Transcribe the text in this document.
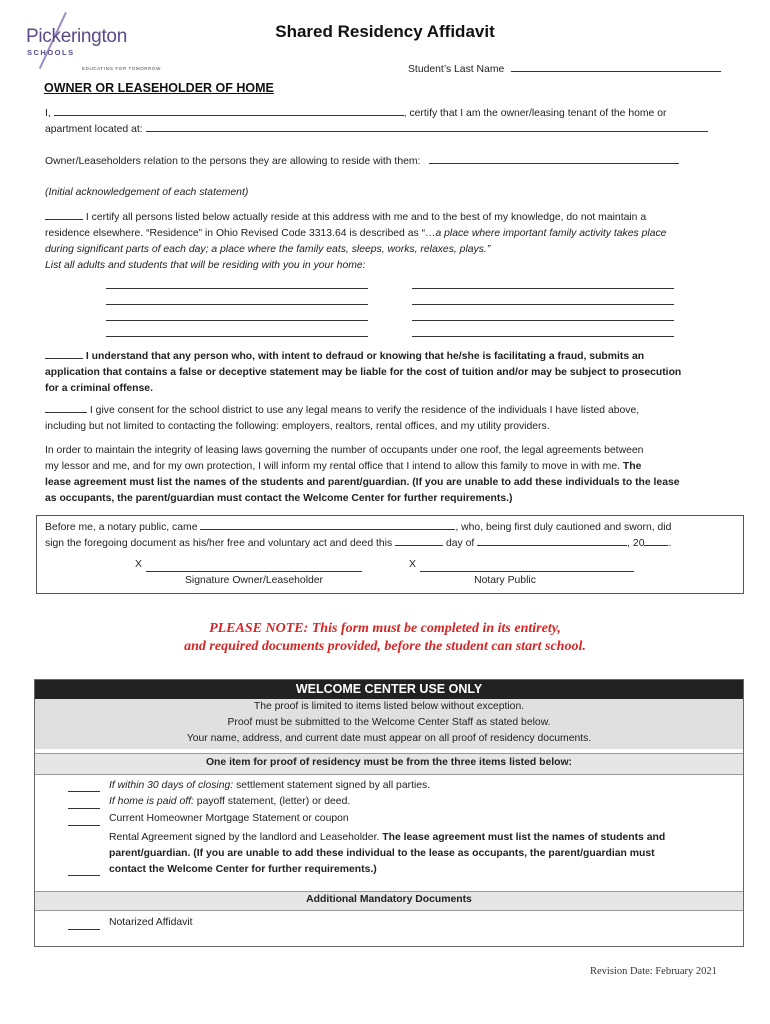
Pickerington
SCHOOLS
EDUCATING FOR TOMORROW
Shared Residency Affidavit
Student’s Last Name
OWNER OR LEASEHOLDER OF HOME
I,	, certify that I am the owner/leasing tenant of the home or
apartment located at:
Owner/Leaseholders relation to the persons they are allowing to reside with them:
(Initial acknowledgement of each statement)
I certify all persons listed below actually reside at this address with me and to the best of my knowledge, do not maintain a
residence elsewhere. “Residence” in Ohio Revised Code 3313.64 is described as “…a place where important family activity takes place
during significant parts of each day; a place where the family eats, sleeps, works, relaxes, plays.”
List all adults and students that will be residing with you in your home:
I understand that any person who, with intent to defraud or knowing that he/she is facilitating a fraud, submits an
application that contains a false or deceptive statement may be liable for the cost of tuition and/or may be subject to prosecution
for a criminal offense.
I give consent for the school district to use any legal means to verify the residence of the individuals I have listed above,
including but not limited to contacting the following: employers, realtors, rental offices, and my utility providers.
In order to maintain the integrity of leasing laws governing the number of occupants under one roof, the legal agreements between
my lessor and me, and for my own protection, I will inform my rental office that I intend to allow this family to move in with me. The
lease agreement must list the names of the students and parent/guardian. (If you are unable to add these individuals to the lease
as occupants, the parent/guardian must contact the Welcome Center for further requirements.)
Before me, a notary public, came	, who, being first duly cautioned and sworn, did
sign the foregoing document as his/her free and voluntary act and deed this	day of	, 20 .
X	X
Signature Owner/Leaseholder	Notary Public
PLEASE NOTE: This form must be completed in its entirety,
and required documents provided, before the student can start school.
WELCOME CENTER USE ONLY
The proof is limited to items listed below without exception.
Proof must be submitted to the Welcome Center Staff as stated below.
Your name, address, and current date must appear on all proof of residency documents.
One item for proof of residency must be from the three items listed below:
If within 30 days of closing: settlement statement signed by all parties.
If home is paid off: payoff statement, (letter) or deed.
Current Homeowner Mortgage Statement or coupon
Rental Agreement signed by the landlord and Leaseholder. The lease agreement must list the names of students and
parent/guardian. (If you are unable to add these individual to the lease as occupants, the parent/guardian must
contact the Welcome Center for further requirements.)
Additional Mandatory Documents
Notarized Affidavit
Revision Date: February 2021
